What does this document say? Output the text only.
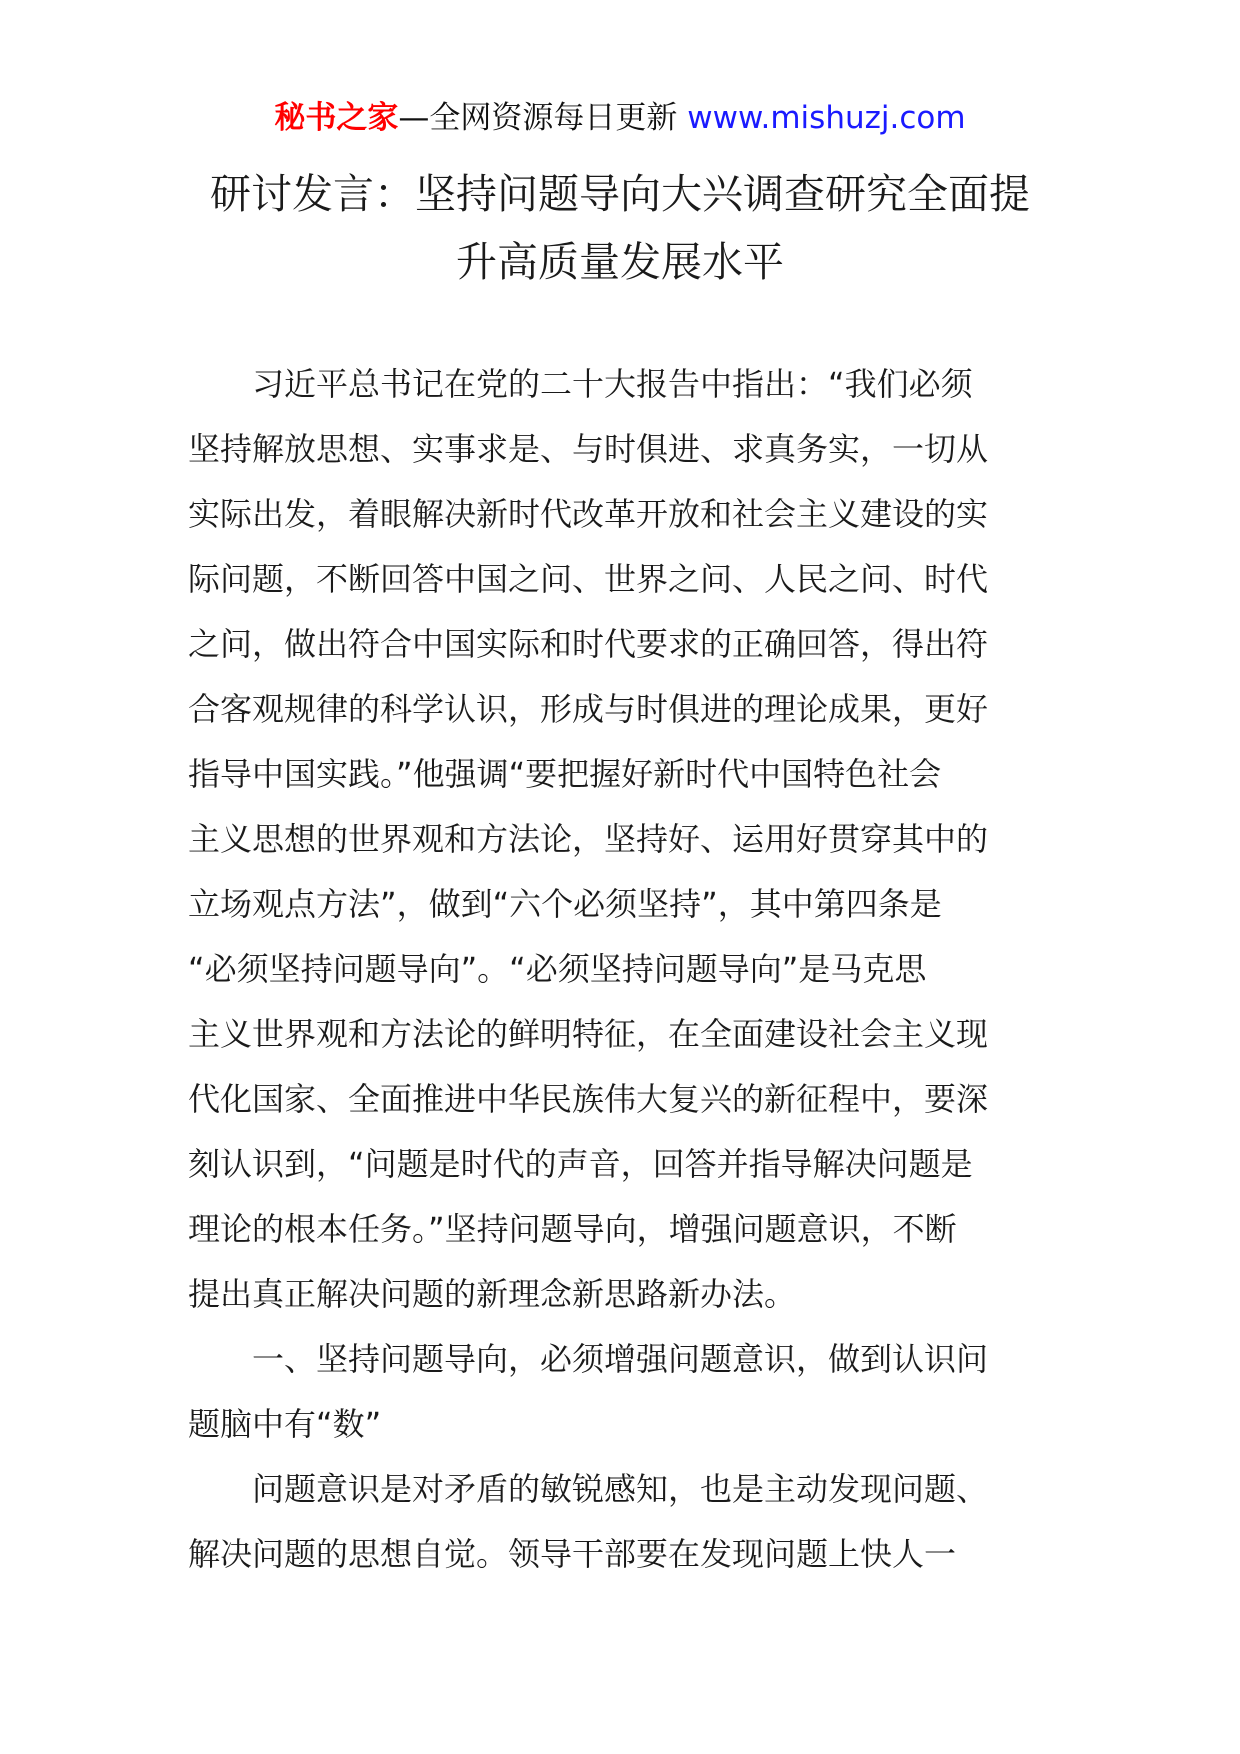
秘书之家—全网资源每日更新 www.mishuzj.com
研讨发言：坚持问题导向大兴调查研究全面提
升高质量发展水平
习近平总书记在党的二十大报告中指出：“我们必须
坚持解放思想、实事求是、与时俱进、求真务实，一切从
实际出发，着眼解决新时代改革开放和社会主义建设的实
际问题，不断回答中国之问、世界之问、人民之问、时代
之问，做出符合中国实际和时代要求的正确回答，得出符
合客观规律的科学认识，形成与时俱进的理论成果，更好
指导中国实践。”他强调“要把握好新时代中国特色社会
主义思想的世界观和方法论，坚持好、运用好贯穿其中的
立场观点方法”，做到“六个必须坚持”，其中第四条是
“必须坚持问题导向”。“必须坚持问题导向”是马克思
主义世界观和方法论的鲜明特征，在全面建设社会主义现
代化国家、全面推进中华民族伟大复兴的新征程中，要深
刻认识到，“问题是时代的声音，回答并指导解决问题是
理论的根本任务。”坚持问题导向，增强问题意识，不断
提出真正解决问题的新理念新思路新办法。
一、坚持问题导向，必须增强问题意识，做到认识问
题脑中有“数”
问题意识是对矛盾的敏锐感知，也是主动发现问题、
解决问题的思想自觉。领导干部要在发现问题上快人一
